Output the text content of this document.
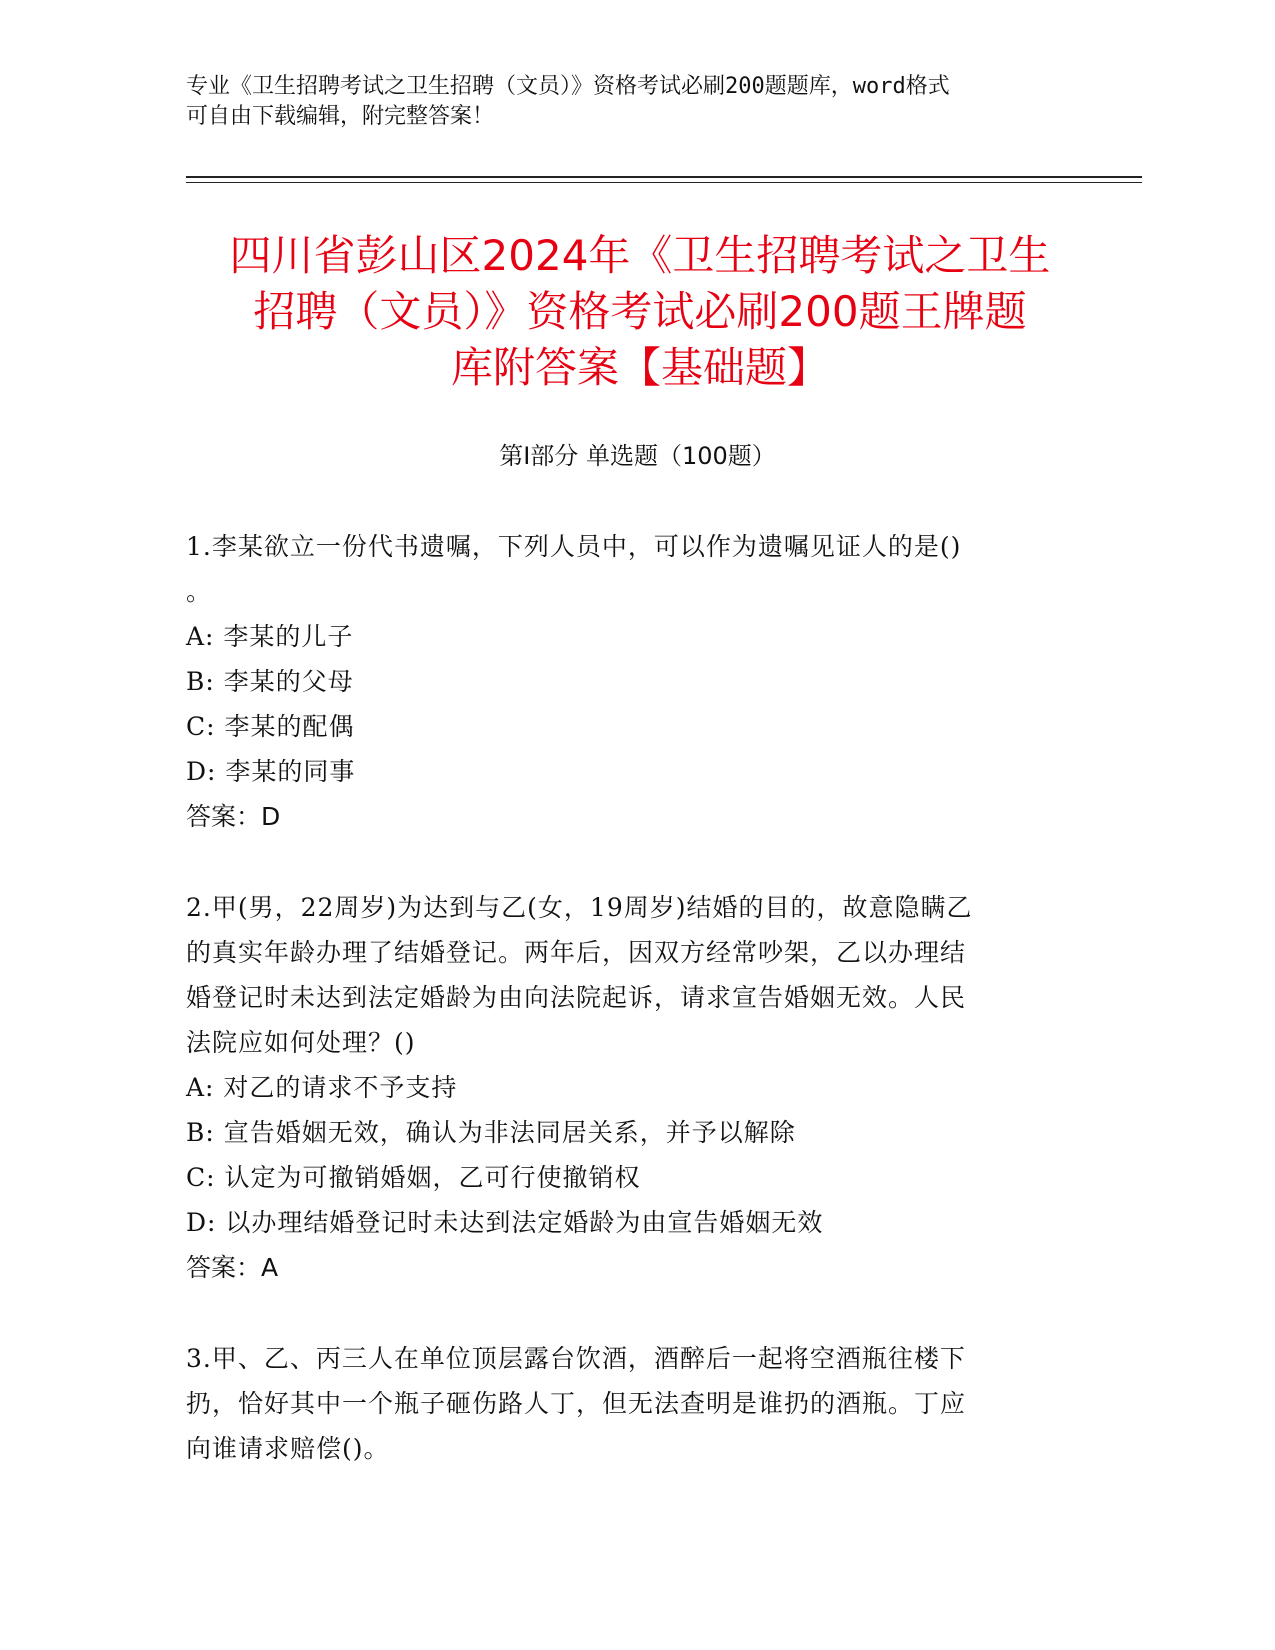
专业《卫生招聘考试之卫生招聘（文员）》资格考试必刷200题题库，word格式
可自由下载编辑，附完整答案！
四川省彭山区2024年《卫生招聘考试之卫生
招聘（文员）》资格考试必刷200题王牌题
库附答案【基础题】
第Ⅰ部分 单选题（100题）
1.李某欲立一份代书遗嘱，下列人员中，可以作为遗嘱见证人的是()
。
A: 李某的儿子
B: 李某的父母
C: 李某的配偶
D: 李某的同事
答案：D
2.甲(男，22周岁)为达到与乙(女，19周岁)结婚的目的，故意隐瞒乙
的真实年龄办理了结婚登记。两年后，因双方经常吵架，乙以办理结
婚登记时未达到法定婚龄为由向法院起诉，请求宣告婚姻无效。人民
法院应如何处理？()
A: 对乙的请求不予支持
B: 宣告婚姻无效，确认为非法同居关系，并予以解除
C: 认定为可撤销婚姻，乙可行使撤销权
D: 以办理结婚登记时未达到法定婚龄为由宣告婚姻无效
答案：A
3.甲、乙、丙三人在单位顶层露台饮酒，酒醉后一起将空酒瓶往楼下
扔，恰好其中一个瓶子砸伤路人丁，但无法查明是谁扔的酒瓶。丁应
向谁请求赔偿()。
